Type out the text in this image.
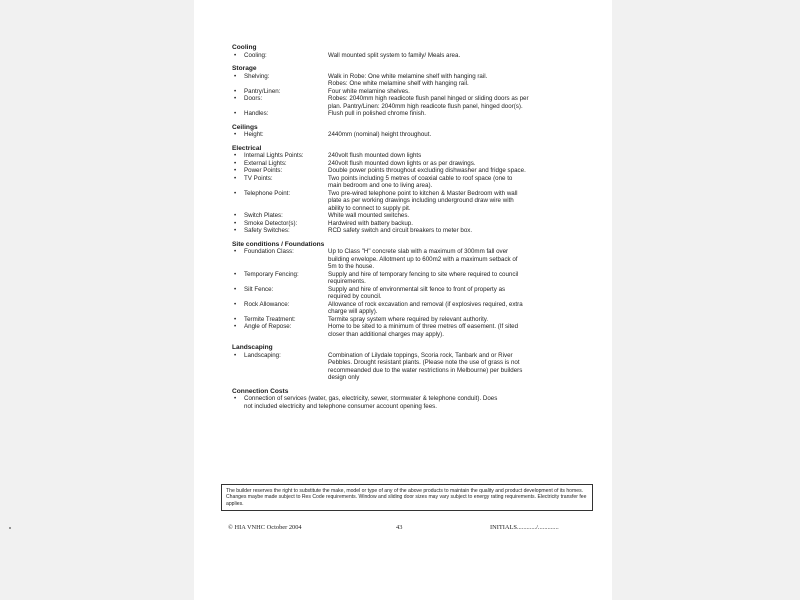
Cooling
•	Cooling:	Wall mounted split system to family/ Meals area.
Storage
•	Shelving:	Walk in Robe: One white melamine shelf with hanging rail.
Robes: One white melamine shelf with hanging rail.
•	Pantry/Linen:	Four white melamine shelves.
•	Doors:	Robes: 2040mm high readicote flush panel hinged or sliding doors as per
plan. Pantry/Linen: 2040mm high readicote flush panel, hinged door(s).
•	Handles:	Flush pull in polished chrome finish.
Ceilings
•	Height:	2440mm (nominal) height throughout.
Electrical
•	Internal Lights Points:	240volt flush mounted down lights
•	External Lights:	240volt flush mounted down lights or as per drawings.
•	Power Points:	Double power points throughout excluding dishwasher and fridge space.
•	TV Points:	Two points including 5 metres of coaxial cable to roof space (one to
main bedroom and one to living area).
•	Telephone Point:	Two pre-wired telephone point to kitchen & Master Bedroom with wall
plate as per working drawings including underground draw wire with
ability to connect to supply pit.
•	Switch Plates:	White wall mounted switches.
•	Smoke Detector(s):	Hardwired with battery backup.
•	Safety Switches:	RCD safety switch and circuit breakers to meter box.
Site conditions / Foundations
•	Foundation Class:	Up to Class "H" concrete slab with a maximum of 300mm fall over
building envelope. Allotment up to 600m2 with a maximum setback of
5m to the house.
•	Temporary Fencing:	Supply and hire of temporary fencing to site where required to council
requirements.
•	Silt Fence:	Supply and hire of environmental silt fence to front of property as
required by council.
•	Rock Allowance:	Allowance of rock excavation and removal (if explosives required, extra
charge will apply).
•	Termite Treatment:	Termite spray system where required by relevant authority.
•	Angle of Repose:	Home to be sited to a minimum of three metres off easement. (If sited
closer than additional charges may apply).
Landscaping
•	Landscaping:	Combination of Lilydale toppings, Scoria rock, Tanbark and or River
Pebbles. Drought resistant plants. (Please note the use of grass is not
recommeanded due to the water restrictions in Melbourne) per builders
design only
Connection Costs
•	Connection of services (water, gas, electricity, sewer, stormwater & telephone conduit). Does
not included electricity and telephone consumer account opening fees.
The builder reserves the right to substitute the make, model or type of any of the above products to maintain the quality and product development of its homes. Changes maybe made subject to Res Code requirements. Window and sliding door sizes may vary subject to energy rating requirements. Electricity transfer fee applies.
© HIA VNHC October 2004	43	INITIALS............/.............
